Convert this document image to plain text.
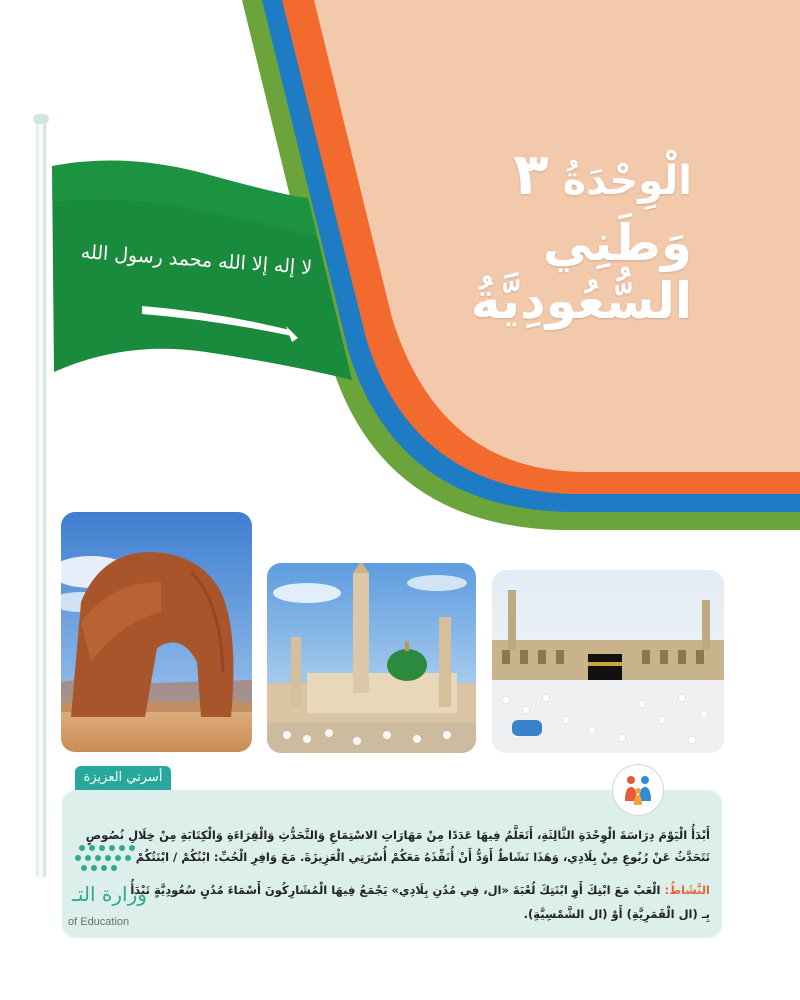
لا إله إلا الله محمد رسول الله
الْوِحْدَةُ ٣
وَطَنِي السُّعُودِيَّةُ
أسرتي العزيزة
أَبْدَأُ الْيَوْمَ دِرَاسَةَ الْوِحْدَةِ الثَّالِثَةِ، أَتَعَلَّمُ فِيهَا عَدَدًا مِنْ مَهَارَاتِ الاسْتِمَاعِ وَالتَّحَدُّثِ وَالْقِرَاءَةِ وَالْكِتَابَةِ مِنْ خِلَالِ نُصُوصٍ تَتَحَدَّثُ عَنْ رُبُوعِ مِنْ بِلَادِي، وَهَذَا نَشَاطٌ أَوَدُّ أَنْ أُنَفِّذَهُ مَعَكُمْ أُسْرَتِي الْعَزِيزَةَ. مَعَ وَافِرِ الْحُبِّ: ابْنُكُمْ / ابْنَتُكُمْ
النَّشَاطُ: الْعَبْ مَعَ ابْنِكَ أَوِ ابْنَتِكَ لُعْبَةَ «ال، فِي مُدُنِ بِلَادِي» يَجْمَعُ فِيهَا الْمُشَارِكُونَ أَسْمَاءَ مُدُنٍ سُعُودِيَّةٍ تَبْدَأُ
بِـ (ال الْقَمَرِيَّةِ) أَوْ (ال الشَّمْسِيَّةِ).
وزارة التـ
of Education
